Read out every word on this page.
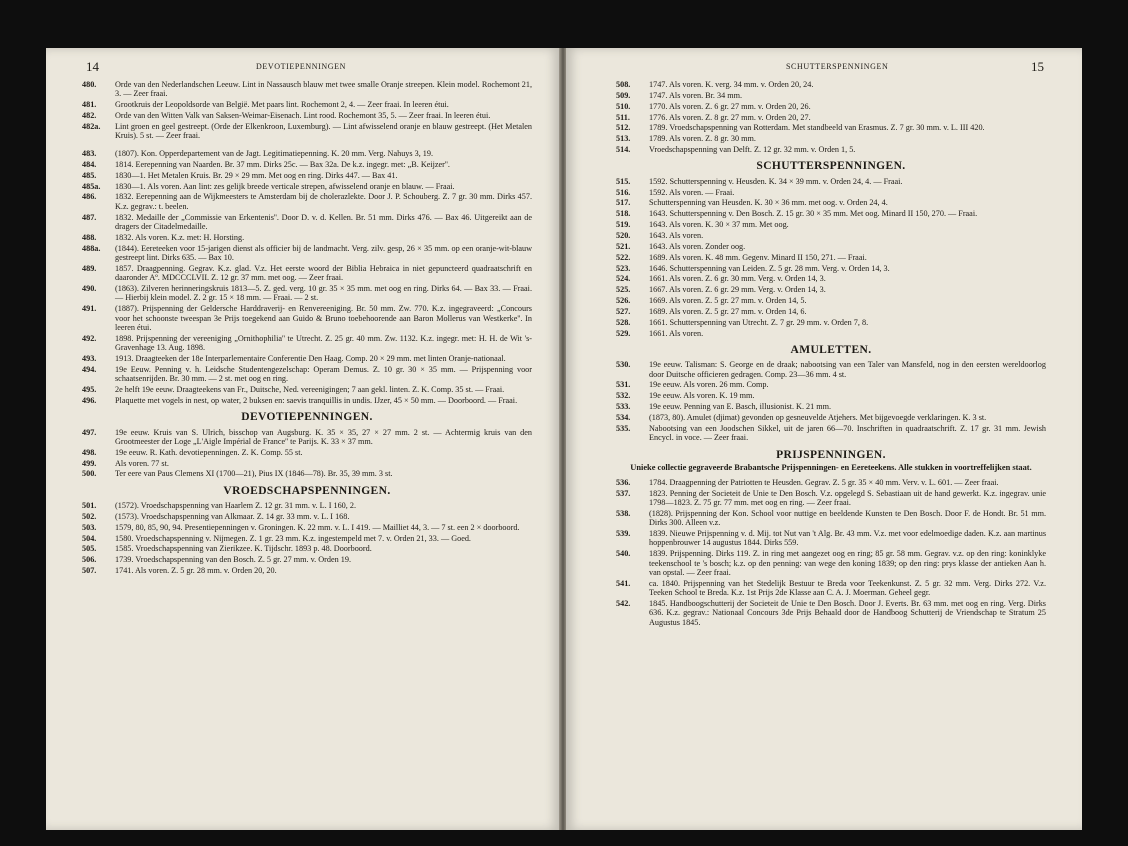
14	DEVOTIEPENNINGEN
480.	Orde van den Nederlandschen Leeuw. Lint in Nassausch blauw met twee smalle Oranje streepen. Klein model. Rochemont 21, 3. — Zeer fraai.
481.	Grootkruis der Leopoldsorde van België. Met paars lint. Rochemont 2, 4. — Zeer fraai. In leeren étui.
482.	Orde van den Witten Valk van Saksen-Weimar-Eisenach. Lint rood. Rochemont 35, 5. — Zeer fraai. In leeren étui.
482a.	Lint groen en geel gestreept. (Orde der Elkenkroon, Luxemburg). — Lint afwisselend oranje en blauw gestreept. (Het Metalen Kruis). 5 st. — Zeer fraai.
483.	(1807). Kon. Opperdepartement van de Jagt. Legitimatiepenning. K. 20 mm. Verg. Nahuys 3, 19.
484.	1814. Eerepenning van Naarden. Br. 37 mm. Dirks 25c. — Bax 32a. De k.z. ingegr. met: „B. Keijzer''.
485.	1830—1. Het Metalen Kruis. Br. 29 × 29 mm. Met oog en ring. Dirks 447. — Bax 41.
485a.	1830—1. Als voren. Aan lint: zes gelijk breede verticale strepen, afwisselend oranje en blauw. — Fraai.
486.	1832. Eerepenning aan de Wijkmeesters te Amsterdam bij de cholerazlekte. Door J. P. Schouberg. Z. 7 gr. 30 mm. Dirks 457. K.z. gegrav.: t. beelen.
487.	1832. Medaille der „Commissie van Erkentenis''. Door D. v. d. Kellen. Br. 51 mm. Dirks 476. — Bax 46. Uitgereikt aan de dragers der Citadelmedaille.
488.	1832. Als voren. K.z. met: H. Horsting.
488a.	(1844). Eereteeken voor 15-jarigen dienst als officier bij de landmacht. Verg. zilv. gesp, 26 × 35 mm. op een oranje-wit-blauw gestreept lint. Dirks 635. — Bax 10.
489.	1857. Draagpenning. Gegrav. K.z. glad. V.z. Het eerste woord der Biblia Hebraica in niet gepuncteerd quadraatschrift en daaronder Aº. MDCCCLVII. Z. 12 gr. 37 mm. met oog. — Zeer fraai.
490.	(1863). Zilveren herinneringskruis 1813—5. Z. ged. verg. 10 gr. 35 × 35 mm. met oog en ring. Dirks 64. — Bax 33. — Fraai. — Hierbij klein model. Z. 2 gr. 15 × 18 mm. — Fraai. — 2 st.
491.	(1887). Prijspenning der Geldersche Harddraverij- en Renvereeniging. Br. 50 mm. Zw. 770. K.z. ingegraveerd: „Concours voor het schoonste tweespan 3e Prijs toegekend aan Guido & Bruno toebehoorende aan Baron Mollerus van Westkerke''. In leeren étui.
492.	1898. Prijspenning der vereeniging „Ornithophilia'' te Utrecht. Z. 25 gr. 40 mm. Zw. 1132. K.z. ingegr. met: H. H. de Wit 's-Gravenhage 13. Aug. 1898.
493.	1913. Draagteeken der 18e Interparlementaire Conferentie Den Haag. Comp. 20 × 29 mm. met linten Oranje-nationaal.
494.	19e Eeuw. Penning v. h. Leidsche Studentengezelschap: Operam Demus. Z. 10 gr. 30 × 35 mm. — Prijspenning voor schaatsenrijden. Br. 30 mm. — 2 st. met oog en ring.
495.	2e helft 19e eeuw. Draagteekens van Fr., Duitsche, Ned. vereenigingen; 7 aan gekl. linten. Z. K. Comp. 35 st. — Fraai.
496.	Plaquette met vogels in nest, op water, 2 buksen en: saevis tranquillis in undis. IJzer, 45 × 50 mm. — Doorboord. — Fraai.
DEVOTIEPENNINGEN.
497.	19e eeuw. Kruis van S. Ulrich, bisschop van Augsburg. K. 35 × 35, 27 × 27 mm. 2 st. — Achtermig kruis van den Grootmeester der Loge „L'Aigle Impérial de France'' te Parijs. K. 33 × 37 mm.
498.	19e eeuw. R. Kath. devotiepenningen. Z. K. Comp. 55 st.
499.	Als voren. 77 st.
500.	Ter eere van Paus Clemens XI (1700—21), Pius IX (1846—78). Br. 35, 39 mm. 3 st.
VROEDSCHAPSPENNINGEN.
501.	(1572). Vroedschapspenning van Haarlem Z. 12 gr. 31 mm. v. L. I 160, 2.
502.	(1573). Vroedschapspenning van Alkmaar. Z. 14 gr. 33 mm. v. L. I 168.
503.	1579, 80, 85, 90, 94. Presentiepenningen v. Groningen. K. 22 mm. v. L. I 419. — Mailliet 44, 3. — 7 st. een 2 × doorboord.
504.	1580. Vroedschapspenning v. Nijmegen. Z. 1 gr. 23 mm. K.z. ingestempeld met 7. v. Orden 21, 33. — Goed.
505.	1585. Vroedschapspenning van Zierikzee. K. Tijdschr. 1893 p. 48. Doorboord.
506.	1739. Vroedschapspenning van den Bosch. Z. 5 gr. 27 mm. v. Orden 19.
507.	1741. Als voren. Z. 5 gr. 28 mm. v. Orden 20, 20.
SCHUTTERSPENNINGEN	15
508.	1747. Als voren. K. verg. 34 mm. v. Orden 20, 24.
509.	1747. Als voren. Br. 34 mm.
510.	1770. Als voren. Z. 6 gr. 27 mm. v. Orden 20, 26.
511.	1776. Als voren. Z. 8 gr. 27 mm. v. Orden 20, 27.
512.	1789. Vroedschapspenning van Rotterdam. Met standbeeld van Erasmus. Z. 7 gr. 30 mm. v. L. III 420.
513.	1789. Als voren. Z. 8 gr. 30 mm.
514.	Vroedschapspenning van Delft. Z. 12 gr. 32 mm. v. Orden 1, 5.
SCHUTTERSPENNINGEN.
515.	1592. Schutterspenning v. Heusden. K. 34 × 39 mm. v. Orden 24, 4. — Fraai.
516.	1592. Als voren. — Fraai.
517.	Schutterspenning van Heusden. K. 30 × 36 mm. met oog. v. Orden 24, 4.
518.	1643. Schutterspenning v. Den Bosch. Z. 15 gr. 30 × 35 mm. Met oog. Minard II 150, 270. — Fraai.
519.	1643. Als voren. K. 30 × 37 mm. Met oog.
520.	1643. Als voren.
521.	1643. Als voren. Zonder oog.
522.	1689. Als voren. K. 48 mm. Gegenv. Minard II 150, 271. — Fraai.
523.	1646. Schutterspenning van Leiden. Z. 5 gr. 28 mm. Verg. v. Orden 14, 3.
524.	1661. Als voren. Z. 6 gr. 30 mm. Verg. v. Orden 14, 3.
525.	1667. Als voren. Z. 6 gr. 29 mm. Verg. v. Orden 14, 3.
526.	1669. Als voren. Z. 5 gr. 27 mm. v. Orden 14, 5.
527.	1689. Als voren. Z. 5 gr. 27 mm. v. Orden 14, 6.
528.	1661. Schutterspenning van Utrecht. Z. 7 gr. 29 mm. v. Orden 7, 8.
529.	1661. Als voren.
AMULETTEN.
530.	19e eeuw. Talisman: S. George en de draak; nabootsing van een Taler van Mansfeld, nog in den eersten wereldoorlog door Duitsche officieren gedragen. Comp. 23—36 mm. 4 st.
531.	19e eeuw. Als voren. 26 mm. Comp.
532.	19e eeuw. Als voren. K. 19 mm.
533.	19e eeuw. Penning van E. Basch, illusionist. K. 21 mm.
534.	(1873, 80). Amulet (djimat) gevonden op gesneuvelde Atjehers. Met bijgevoegde verklaringen. K. 3 st.
535.	Nabootsing van een Joodschen Sikkel, uit de jaren 66—70. Inschriften in quadraatschrift. Z. 17 gr. 31 mm. Jewish Encycl. in voce. — Zeer fraai.
PRIJSPENNINGEN.
Unieke collectie gegraveerde Brabantsche Prijspenningen- en Eereteekens. Alle stukken in voortreffelijken staat.
536.	1784. Draagpenning der Patriotten te Heusden. Gegrav. Z. 5 gr. 35 × 40 mm. Verv. v. L. 601. — Zeer fraai.
537.	1823. Penning der Societeit de Unie te Den Bosch. V.z. opgelegd S. Sebastiaan uit de hand gewerkt. K.z. ingegrav. unie 1798—1823. Z. 75 gr. 77 mm. met oog en ring. — Zeer fraai.
538.	(1828). Prijspenning der Kon. School voor nuttige en beeldende Kunsten te Den Bosch. Door F. de Hondt. Br. 51 mm. Dirks 300. Alleen v.z.
539.	1839. Nieuwe Prijspenning v. d. Mij. tot Nut van 't Alg. Br. 43 mm. V.z. met voor edelmoedige daden. K.z. aan martinus hoppenbrouwer 14 augustus 1844. Dirks 559.
540.	1839. Prijspenning. Dirks 119. Z. in ring met aangezet oog en ring; 85 gr. 58 mm. Gegrav. v.z. op den ring: koninklyke teekenschool te 's bosch; k.z. op den penning: van wege den koning 1839; op den ring: prys klasse der antieken Aan h. van opstal. — Zeer fraai.
541.	ca. 1840. Prijspenning van het Stedelijk Bestuur te Breda voor Teekenkunst. Z. 5 gr. 32 mm. Verg. Dirks 272. V.z. Teeken School te Breda. K.z. 1st Prijs 2de Klasse aan C. A. J. Moerman. Geheel gegr.
542.	1845. Handboogschutterij der Societeit de Unie te Den Bosch. Door J. Everts. Br. 63 mm. met oog en ring. Verg. Dirks 636. K.z. gegrav.: Nationaal Concours 3de Prijs Behaald door de Handboog Schutterij de Vriendschap te Stratum 25 Augustus 1845.
